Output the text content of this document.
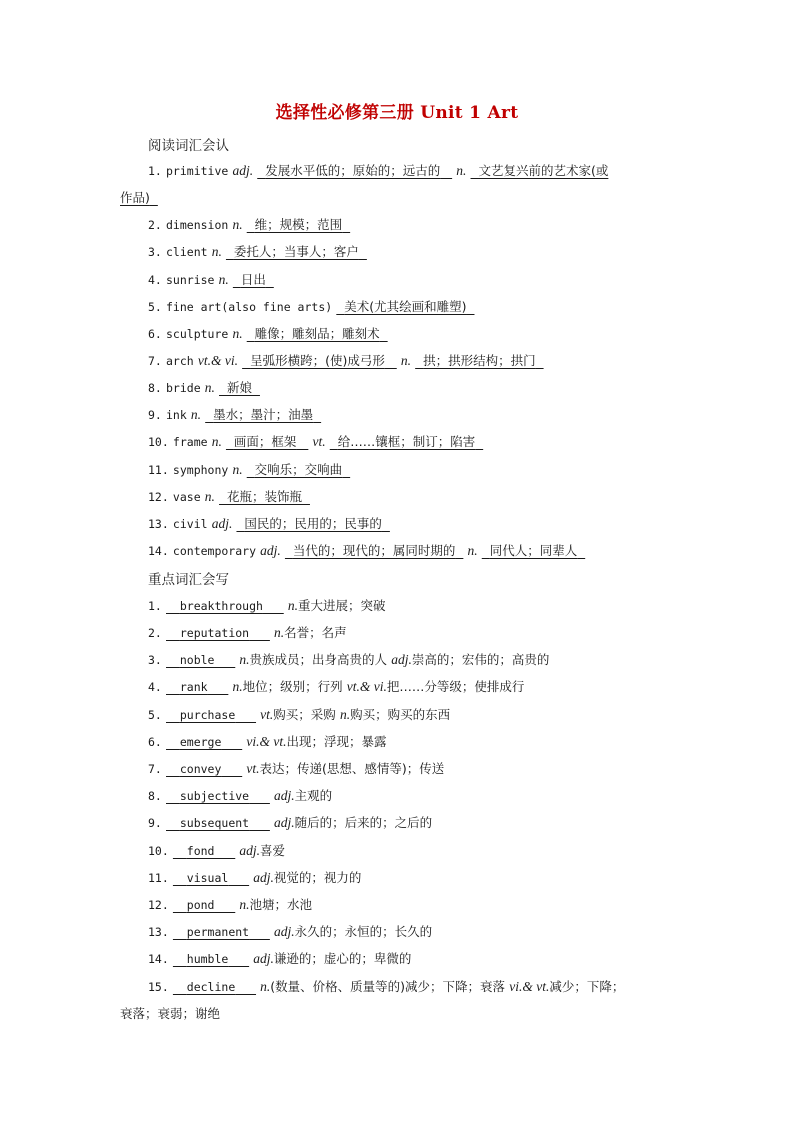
选择性必修第三册 Unit 1 Art
阅读词汇会认
1. primitive adj. 发展水平低的；原始的；远古的 n. 文艺复兴前的艺术家(或
作品)
2. dimension n. 维；规模；范围
3. client n. 委托人；当事人；客户
4. sunrise n. 日出
5. fine art(also fine arts) 美术(尤其绘画和雕塑)
6. sculpture n. 雕像；雕刻品；雕刻术
7. arch vt.& vi. 呈弧形横跨；(使)成弓形 n. 拱；拱形结构；拱门
8. bride n. 新娘
9. ink n. 墨水；墨汁；油墨
10. frame n. 画面；框架 vt. 给……镶框；制订；陷害
11. symphony n. 交响乐；交响曲
12. vase n. 花瓶；装饰瓶
13. civil adj. 国民的；民用的；民事的
14. contemporary adj. 当代的；现代的；属同时期的 n. 同代人；同辈人
重点词汇会写
1. breakthrough n.重大进展；突破
2. reputation n.名誉；名声
3. noble n.贵族成员；出身高贵的人 adj.崇高的；宏伟的；高贵的
4. rank n.地位；级别；行列 vt.& vi.把……分等级；使排成行
5. purchase vt.购买；采购 n.购买；购买的东西
6. emerge vi.& vt.出现；浮现；暴露
7. convey vt.表达；传递(思想、感情等)；传送
8. subjective adj.主观的
9. subsequent adj.随后的；后来的；之后的
10. fond adj.喜爱
11. visual adj.视觉的；视力的
12. pond n.池塘；水池
13. permanent adj.永久的；永恒的；长久的
14. humble adj.谦逊的；虚心的；卑微的
15. decline n.(数量、价格、质量等的)减少；下降；衰落 vi.& vt.减少；下降；
衰落；衰弱；谢绝
